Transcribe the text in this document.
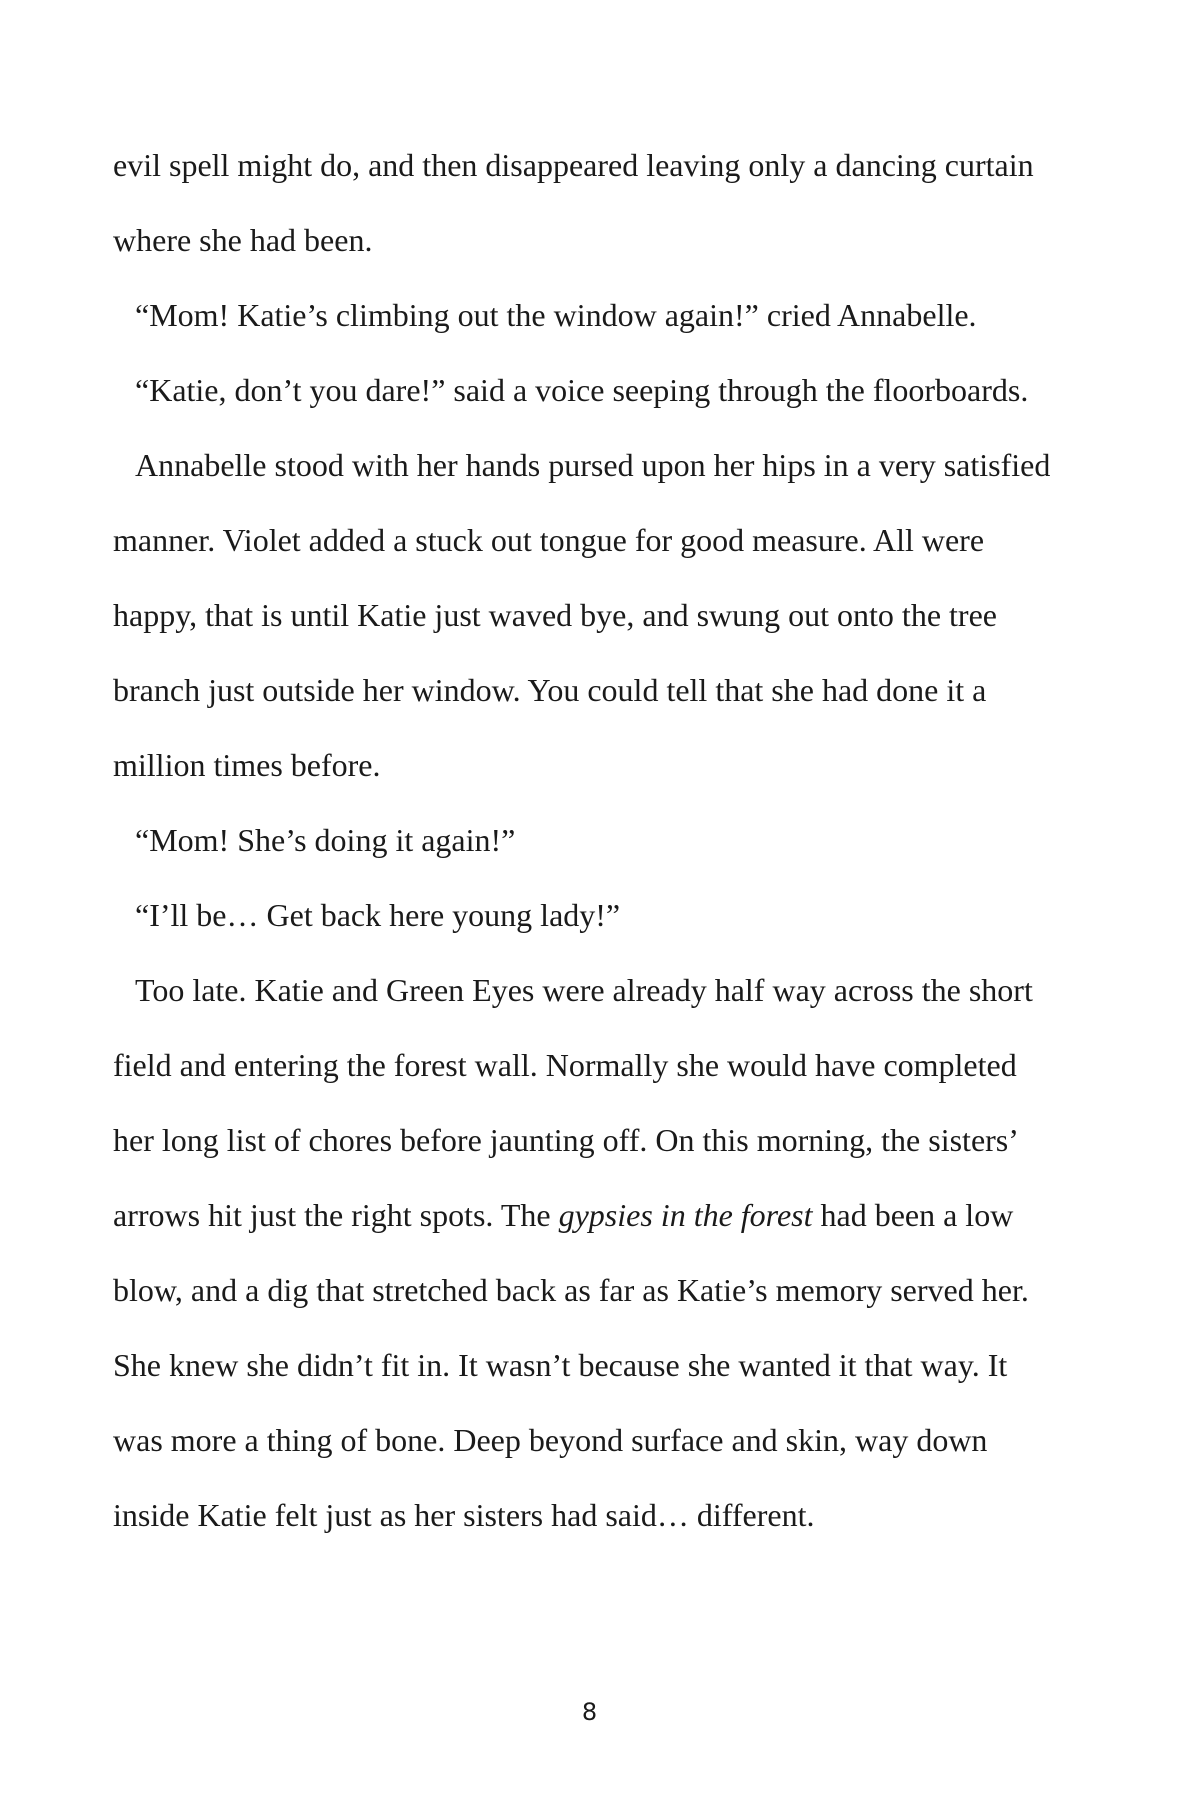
evil spell might do, and then disappeared leaving only a dancing curtain
where she had been.
“Mom! Katie’s climbing out the window again!” cried Annabelle.
“Katie, don’t you dare!” said a voice seeping through the floorboards.
Annabelle stood with her hands pursed upon her hips in a very satisfied
manner. Violet added a stuck out tongue for good measure. All were
happy, that is until Katie just waved bye, and swung out onto the tree
branch just outside her window. You could tell that she had done it a
million times before.
“Mom! She’s doing it again!”
“I’ll be… Get back here young lady!”
Too late. Katie and Green Eyes were already half way across the short
field and entering the forest wall. Normally she would have completed
her long list of chores before jaunting off. On this morning, the sisters’
arrows hit just the right spots. The gypsies in the forest had been a low
blow, and a dig that stretched back as far as Katie’s memory served her.
She knew she didn’t fit in. It wasn’t because she wanted it that way. It
was more a thing of bone. Deep beyond surface and skin, way down
inside Katie felt just as her sisters had said… different.
8
